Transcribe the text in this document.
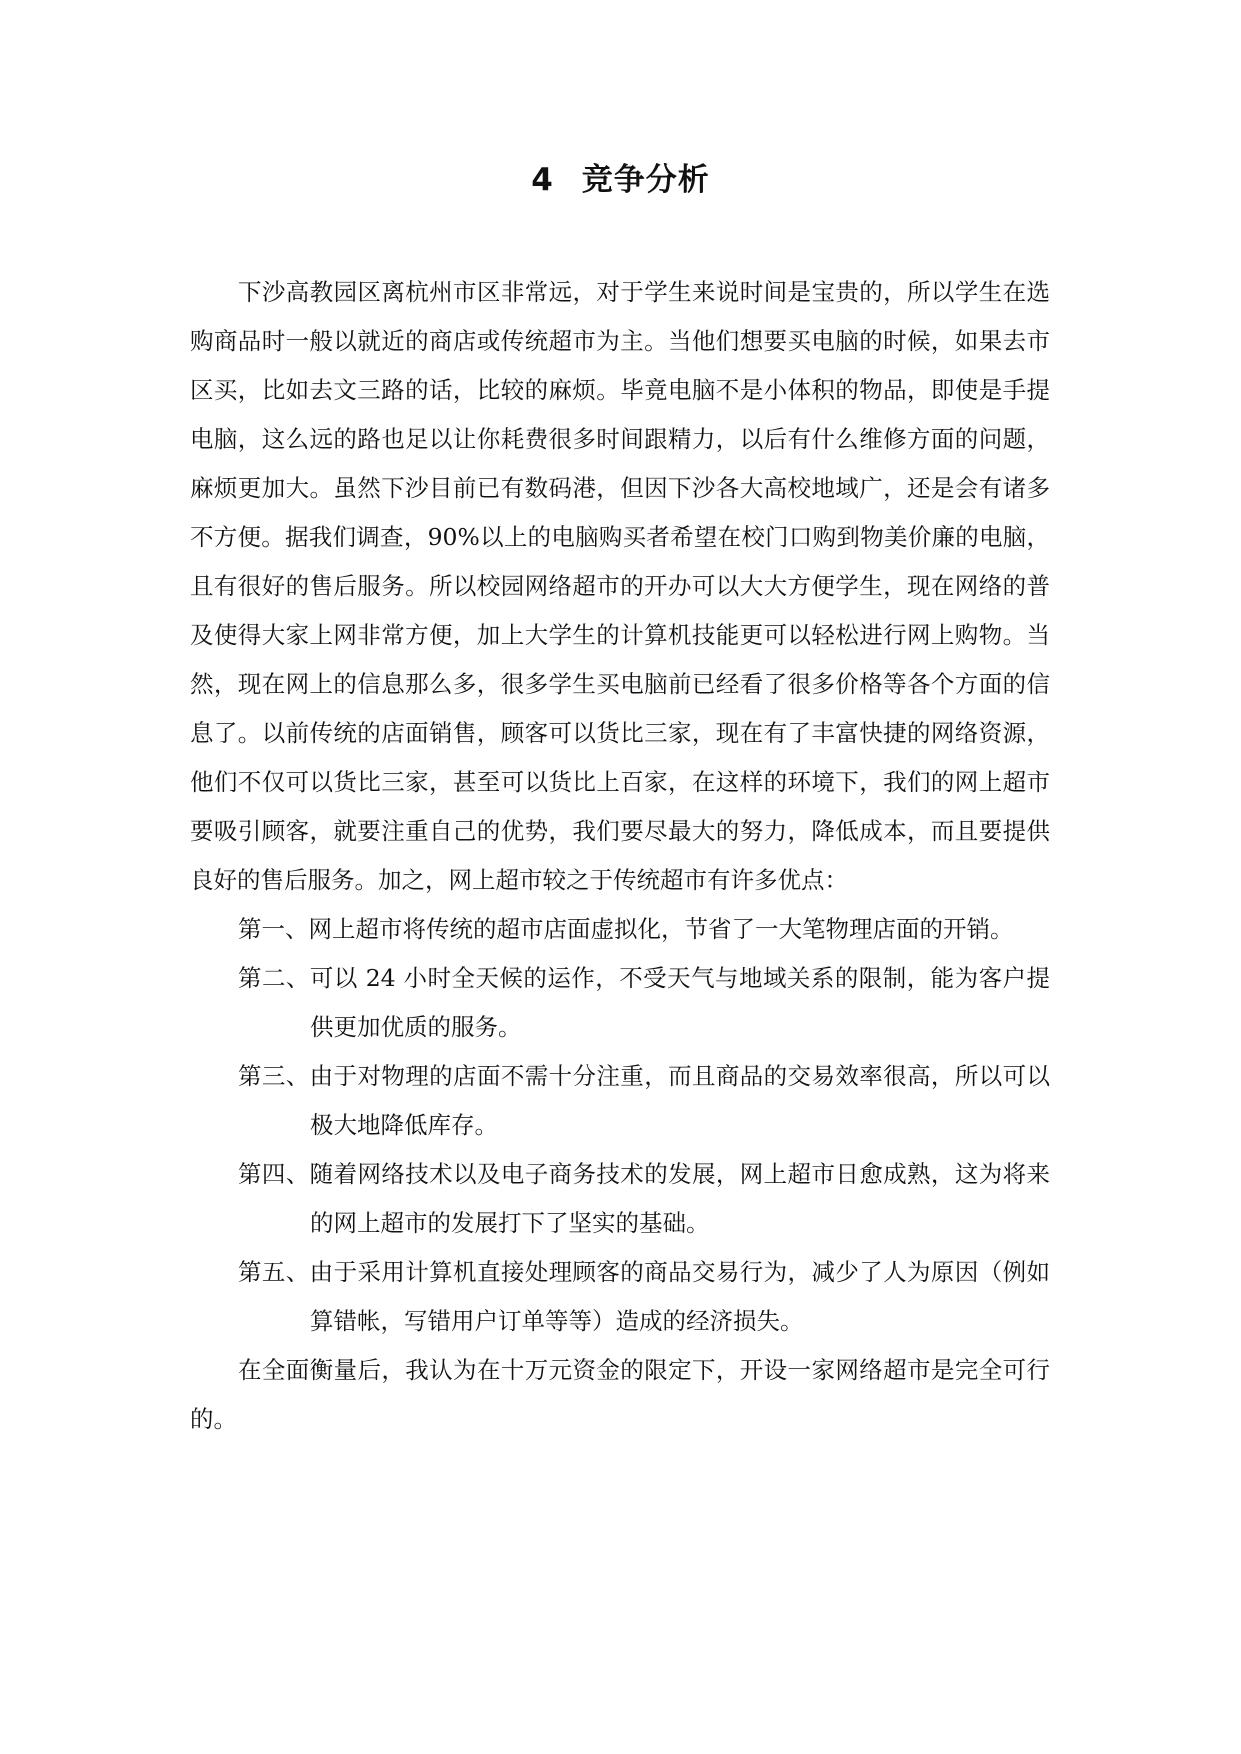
4 竞争分析

下沙高教园区离杭州市区非常远，对于学生来说时间是宝贵的，所以学生在选购商品时一般以就近的商店或传统超市为主。当他们想要买电脑的时候，如果去市区买，比如去文三路的话，比较的麻烦。毕竟电脑不是小体积的物品，即使是手提电脑，这么远的路也足以让你耗费很多时间跟精力，以后有什么维修方面的问题，麻烦更加大。虽然下沙目前已有数码港，但因下沙各大高校地域广，还是会有诸多不方便。据我们调查，90%以上的电脑购买者希望在校门口购到物美价廉的电脑，且有很好的售后服务。所以校园网络超市的开办可以大大方便学生，现在网络的普及使得大家上网非常方便，加上大学生的计算机技能更可以轻松进行网上购物。当然，现在网上的信息那么多，很多学生买电脑前已经看了很多价格等各个方面的信息了。以前传统的店面销售，顾客可以货比三家，现在有了丰富快捷的网络资源，他们不仅可以货比三家，甚至可以货比上百家，在这样的环境下，我们的网上超市要吸引顾客，就要注重自己的优势，我们要尽最大的努力，降低成本，而且要提供良好的售后服务。加之，网上超市较之于传统超市有许多优点：

第一、网上超市将传统的超市店面虚拟化，节省了一大笔物理店面的开销。
第二、可以 24 小时全天候的运作，不受天气与地域关系的限制，能为客户提供更加优质的服务。
第三、由于对物理的店面不需十分注重，而且商品的交易效率很高，所以可以极大地降低库存。
第四、随着网络技术以及电子商务技术的发展，网上超市日愈成熟，这为将来的网上超市的发展打下了坚实的基础。
第五、由于采用计算机直接处理顾客的商品交易行为，减少了人为原因（例如算错帐，写错用户订单等等）造成的经济损失。

在全面衡量后，我认为在十万元资金的限定下，开设一家网络超市是完全可行的。
